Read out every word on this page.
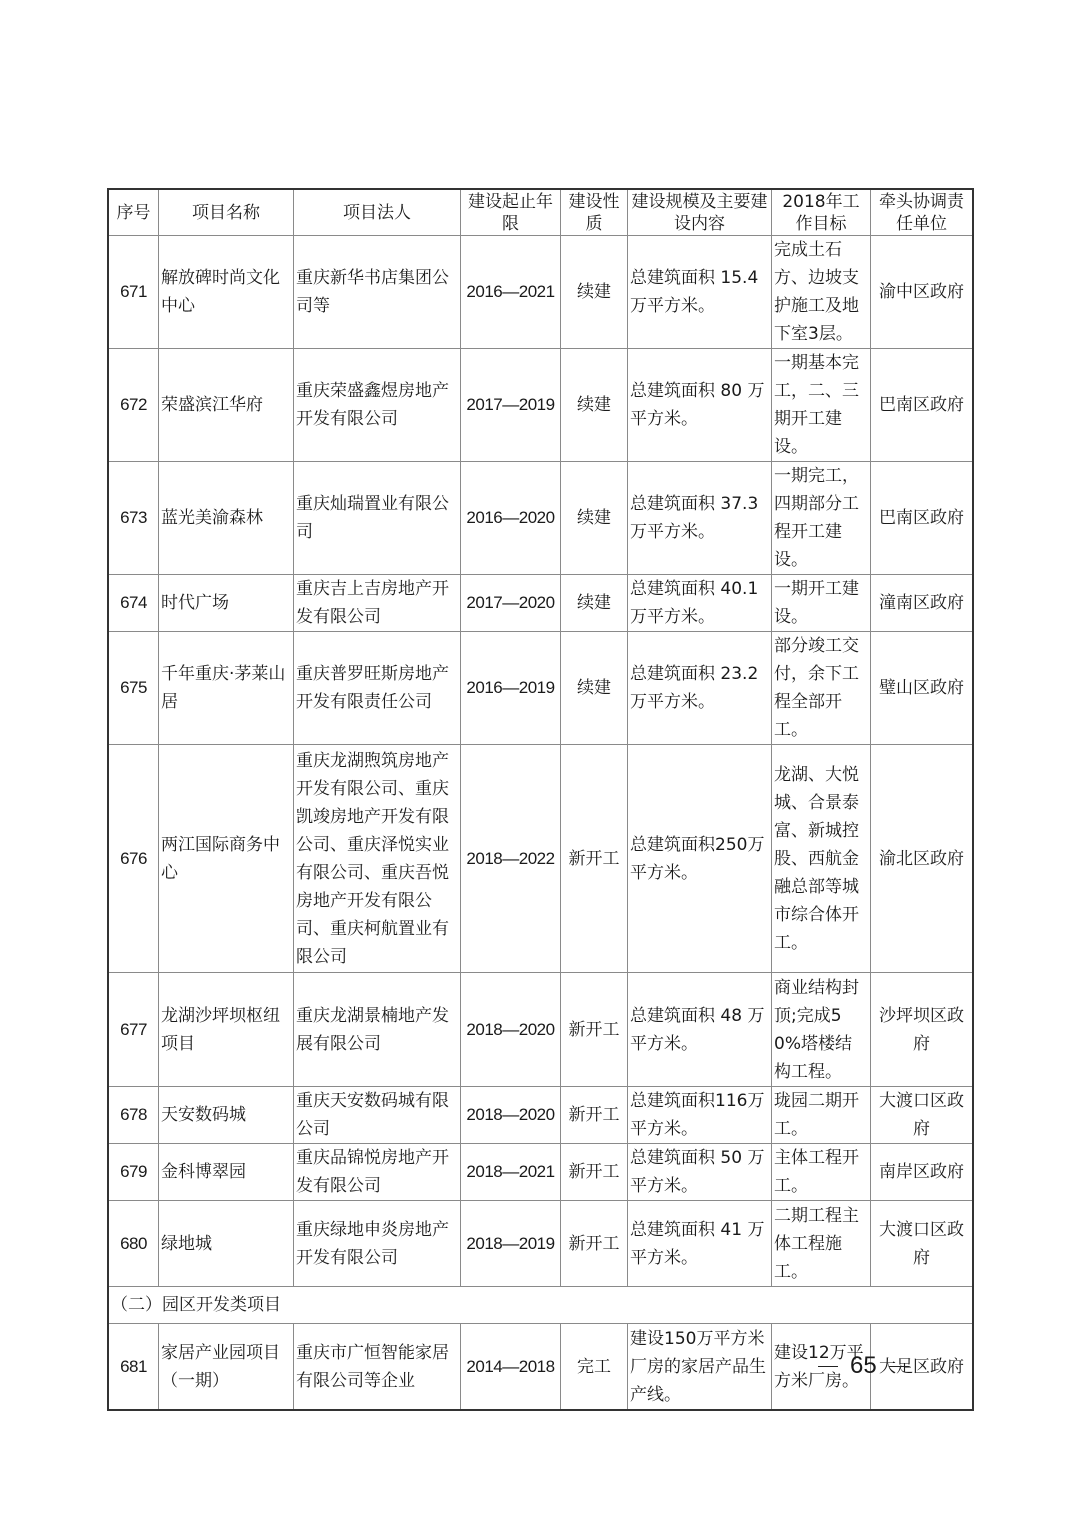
序号	项目名称	项目法人	建设起止年限	建设性质	建设规模及主要建设内容	2018年工作目标	牵头协调责任单位
671	解放碑时尚文化中心	重庆新华书店集团公司等	2016—2021	续建	总建筑面积 15.4 万平方米。	完成土石方、边坡支护施工及地下室3层。	渝中区政府
672	荣盛滨江华府	重庆荣盛鑫煜房地产开发有限公司	2017—2019	续建	总建筑面积 80 万平方米。	一期基本完工，二、三期开工建设。	巴南区政府
673	蓝光美渝森林	重庆灿瑞置业有限公司	2016—2020	续建	总建筑面积 37.3 万平方米。	一期完工，四期部分工程开工建设。	巴南区政府
674	时代广场	重庆吉上吉房地产开发有限公司	2017—2020	续建	总建筑面积 40.1 万平方米。	一期开工建设。	潼南区政府
675	千年重庆·茅莱山居	重庆普罗旺斯房地产开发有限责任公司	2016—2019	续建	总建筑面积 23.2 万平方米。	部分竣工交付，余下工程全部开工。	璧山区政府
676	两江国际商务中心	重庆龙湖煦筑房地产开发有限公司、重庆凯竣房地产开发有限公司、重庆泽悦实业有限公司、重庆吾悦房地产开发有限公司、重庆柯航置业有限公司	2018—2022	新开工	总建筑面积250万平方米。	龙湖、大悦城、合景泰富、新城控股、西航金融总部等城市综合体开工。	渝北区政府
677	龙湖沙坪坝枢纽项目	重庆龙湖景楠地产发展有限公司	2018—2020	新开工	总建筑面积 48 万平方米。	商业结构封顶;完成50%塔楼结构工程。	沙坪坝区政府
678	天安数码城	重庆天安数码城有限公司	2018—2020	新开工	总建筑面积116万平方米。	珑园二期开工。	大渡口区政府
679	金科博翠园	重庆品锦悦房地产开发有限公司	2018—2021	新开工	总建筑面积 50 万平方米。	主体工程开工。	南岸区政府
680	绿地城	重庆绿地申炎房地产开发有限公司	2018—2019	新开工	总建筑面积 41 万平方米。	二期工程主体工程施工。	大渡口区政府
（二）园区开发类项目							
681	家居产业园项目（一期）	重庆市广恒智能家居有限公司等企业	2014—2018	完工	建设150万平方米厂房的家居产品生产线。	建设12万平方米厂房。	大足区政府
65
